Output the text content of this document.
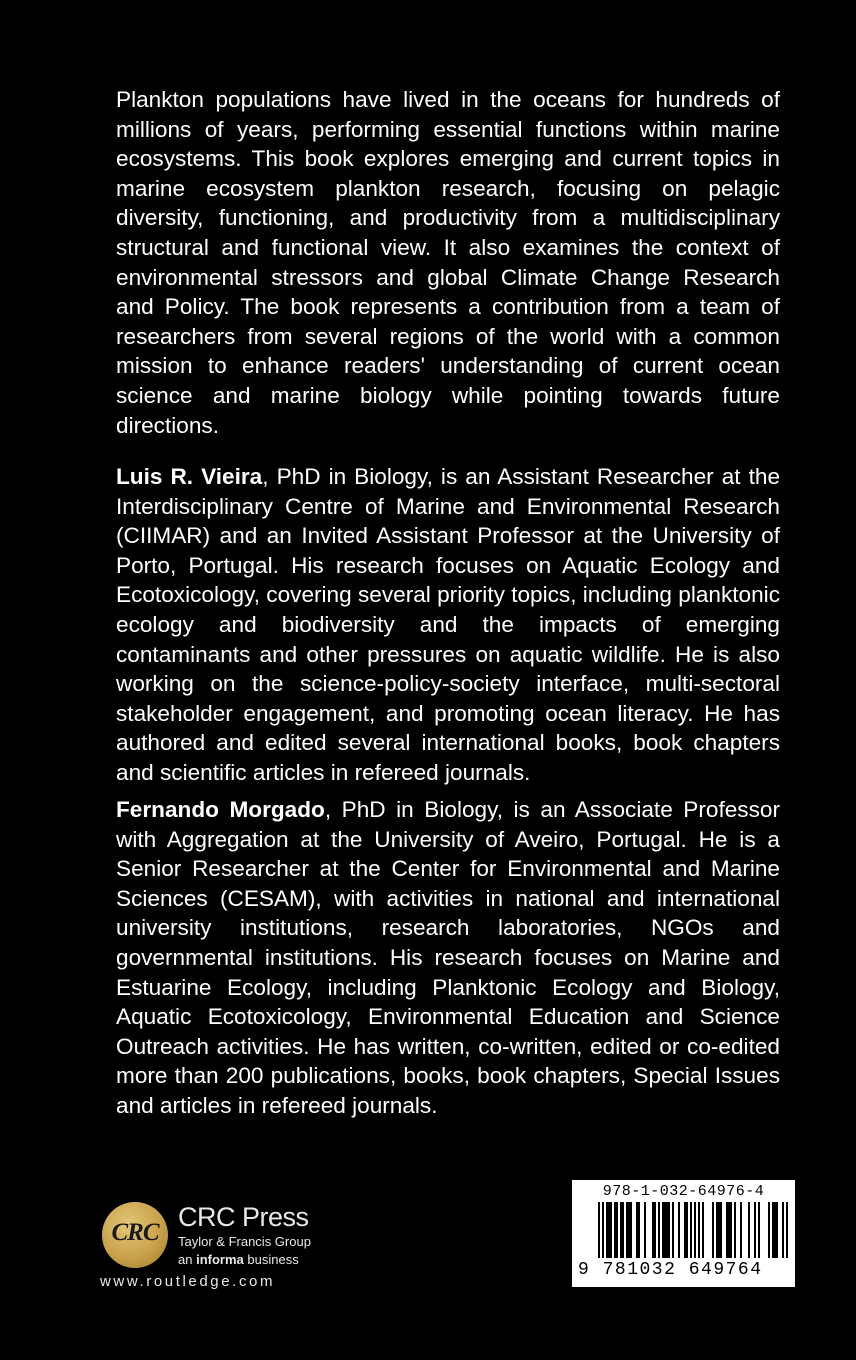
Plankton populations have lived in the oceans for hundreds of millions of years, performing essential functions within marine ecosystems. This book explores emerging and current topics in marine ecosystem plankton research, focusing on pelagic diversity, functioning, and productivity from a multidisciplinary structural and functional view. It also examines the context of environmental stressors and global Climate Change Research and Policy. The book represents a contribution from a team of researchers from several regions of the world with a common mission to enhance readers' understanding of current ocean science and marine biology while pointing towards future directions.

Luis R. Vieira, PhD in Biology, is an Assistant Researcher at the Interdisciplinary Centre of Marine and Environmental Research (CIIMAR) and an Invited Assistant Professor at the University of Porto, Portugal. His research focuses on Aquatic Ecology and Ecotoxicology, covering several priority topics, including planktonic ecology and biodiversity and the impacts of emerging contaminants and other pressures on aquatic wildlife. He is also working on the science-policy-society interface, multi-sectoral stakeholder engagement, and promoting ocean literacy. He has authored and edited several international books, book chapters and scientific articles in refereed journals.

Fernando Morgado, PhD in Biology, is an Associate Professor with Aggregation at the University of Aveiro, Portugal. He is a Senior Researcher at the Center for Environmental and Marine Sciences (CESAM), with activities in national and international university institutions, research laboratories, NGOs and governmental institutions. His research focuses on Marine and Estuarine Ecology, including Planktonic Ecology and Biology, Aquatic Ecotoxicology, Environmental Education and Science Outreach activities. He has written, co-written, edited or co-edited more than 200 publications, books, book chapters, Special Issues and articles in refereed journals.

CRC
CRC Press
Taylor & Francis Group
an informa business
www.routledge.com
978-1-032-64976-4
9 781032 649764
